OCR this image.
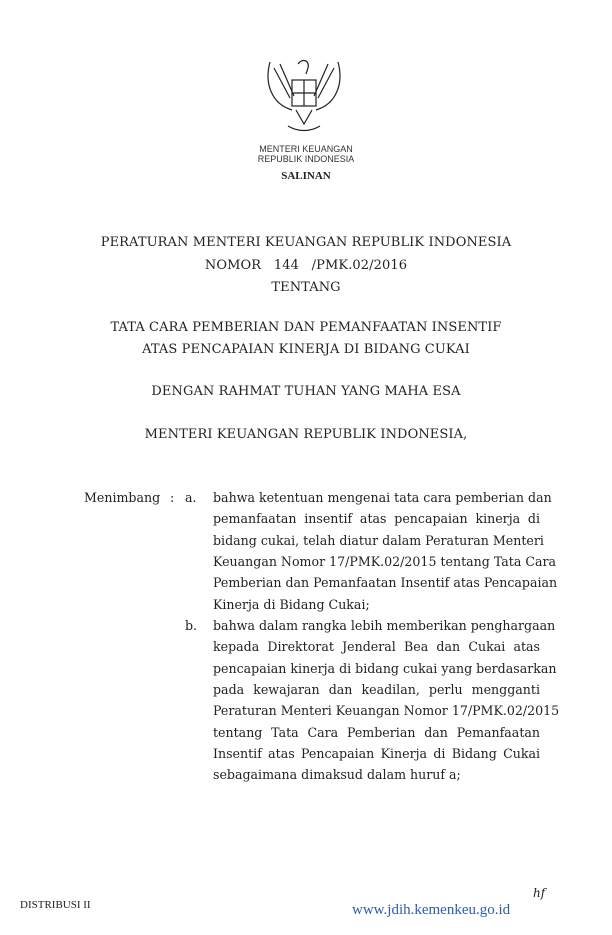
MENTERI KEUANGAN
REPUBLIK INDONESIA
SALINAN
PERATURAN MENTERI KEUANGAN REPUBLIK INDONESIA
NOMOR   144   /PMK.02/2016
TENTANG
TATA CARA PEMBERIAN DAN PEMANFAATAN INSENTIF
ATAS PENCAPAIAN KINERJA DI BIDANG CUKAI
DENGAN RAHMAT TUHAN YANG MAHA ESA
MENTERI KEUANGAN REPUBLIK INDONESIA,
Menimbang : a.
b.
bahwa ketentuan mengenai tata cara pemberian dan
pemanfaatan insentif atas pencapaian kinerja di
bidang cukai, telah diatur dalam Peraturan Menteri
Keuangan Nomor 17/PMK.02/2015 tentang Tata Cara
Pemberian dan Pemanfaatan Insentif atas Pencapaian
Kinerja di Bidang Cukai;
bahwa dalam rangka lebih memberikan penghargaan
kepada Direktorat Jenderal Bea dan Cukai atas
pencapaian kinerja di bidang cukai yang berdasarkan
pada kewajaran dan keadilan, perlu mengganti
Peraturan Menteri Keuangan Nomor 17/PMK.02/2015
tentang Tata Cara Pemberian dan Pemanfaatan
Insentif atas Pencapaian Kinerja di Bidang Cukai
sebagaimana dimaksud dalam huruf a;
DISTRIBUSI II
hf
www.jdih.kemenkeu.go.id
